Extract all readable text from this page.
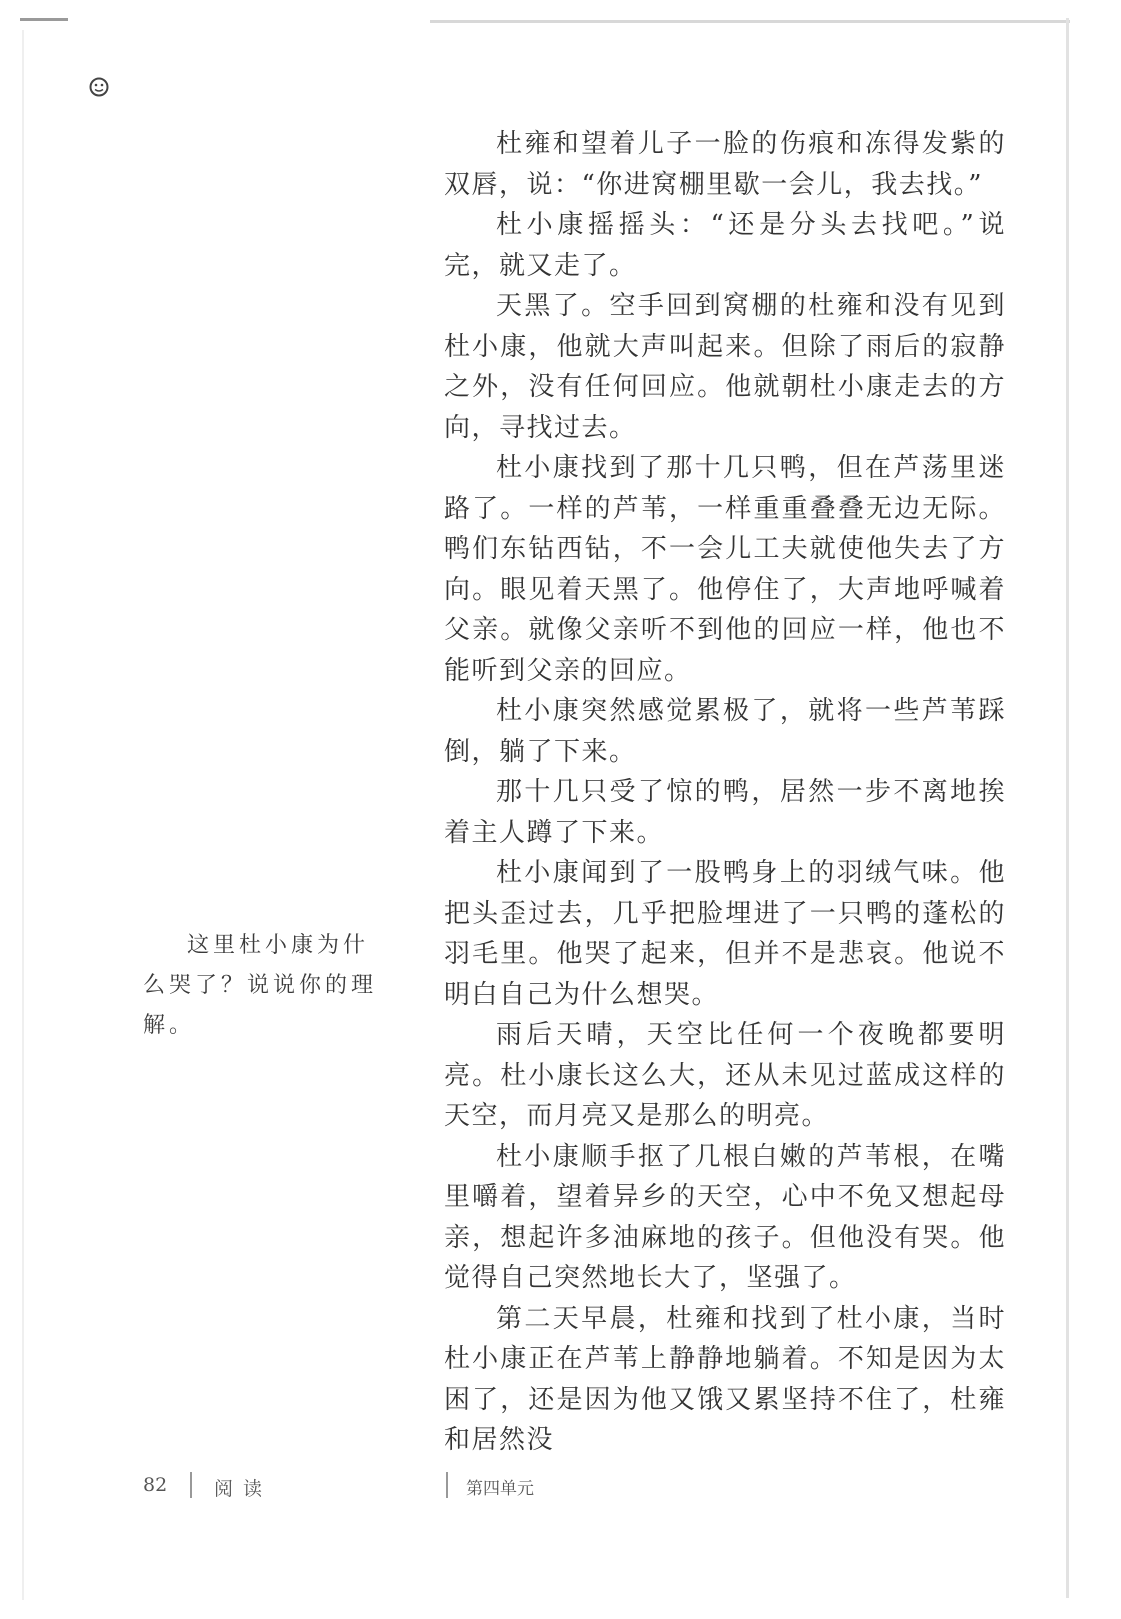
杜雍和望着儿子一脸的伤痕和冻得发紫的双唇，说：“你进窝棚里歇一会儿，我去找。”

杜小康摇摇头：“还是分头去找吧。”说完，就又走了。

天黑了。空手回到窝棚的杜雍和没有见到杜小康，他就大声叫起来。但除了雨后的寂静之外，没有任何回应。他就朝杜小康走去的方向，寻找过去。

杜小康找到了那十几只鸭，但在芦荡里迷路了。一样的芦苇，一样重重叠叠无边无际。鸭们东钻西钻，不一会儿工夫就使他失去了方向。眼见着天黑了。他停住了，大声地呼喊着父亲。就像父亲听不到他的回应一样，他也不能听到父亲的回应。

杜小康突然感觉累极了，就将一些芦苇踩倒，躺了下来。

那十几只受了惊的鸭，居然一步不离地挨着主人蹲了下来。

杜小康闻到了一股鸭身上的羽绒气味。他把头歪过去，几乎把脸埋进了一只鸭的蓬松的羽毛里。他哭了起来，但并不是悲哀。他说不明白自己为什么想哭。

雨后天晴，天空比任何一个夜晚都要明亮。杜小康长这么大，还从未见过蓝成这样的天空，而月亮又是那么的明亮。

杜小康顺手抠了几根白嫩的芦苇根，在嘴里嚼着，望着异乡的天空，心中不免又想起母亲，想起许多油麻地的孩子。但他没有哭。他觉得自己突然地长大了，坚强了。

第二天早晨，杜雍和找到了杜小康，当时杜小康正在芦苇上静静地躺着。不知是因为太困了，还是因为他又饿又累坚持不住了，杜雍和居然没

这里杜小康为什么哭了？说说你的理解。
82 阅读	第四单元
